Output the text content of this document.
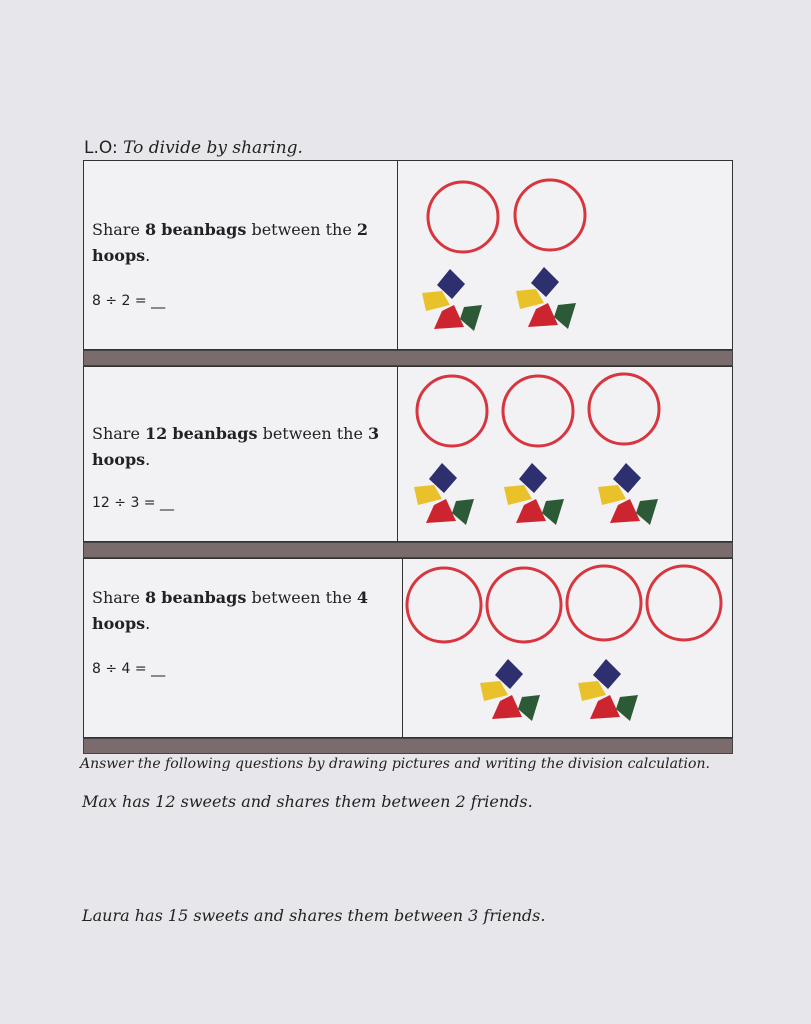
L.O: To divide by sharing.
Share 8 beanbags between the 2
hoops.
8 ÷ 2 = __
Share 12 beanbags between the 3
hoops.
12 ÷ 3 = __
Share 8 beanbags between the 4
hoops.
8 ÷ 4 = __
Answer the following questions by drawing pictures and writing the division calculation.
Max has 12 sweets and shares them between 2 friends.
Laura has 15 sweets and shares them between 3 friends.
